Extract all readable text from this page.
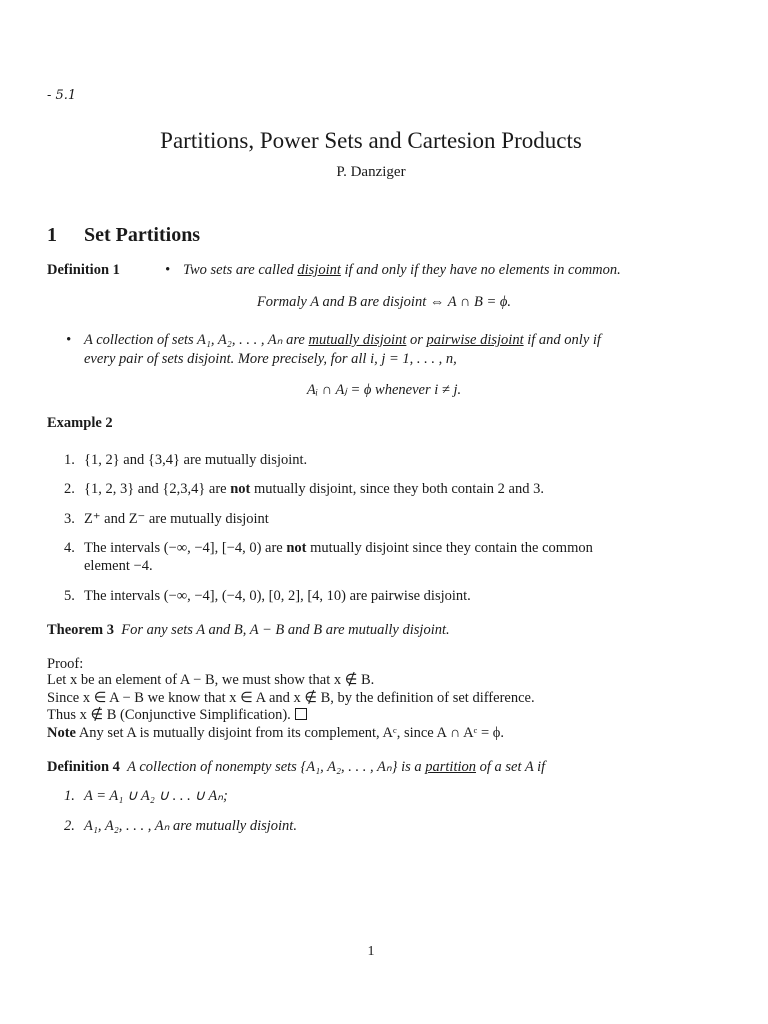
- 5.1
Partitions, Power Sets and Cartesion Products
P. Danziger
1 Set Partitions
Definition 1	• Two sets are called disjoint if and only if they have no elements in common.
Formaly A and B are disjoint ⇔ A ∩ B = ϕ.
• A collection of sets A₁, A₂, . . . , Aₙ are mutually disjoint or pairwise disjoint if and only if
every pair of sets disjoint. More precisely, for all i, j = 1, . . . , n,
Aᵢ ∩ Aⱼ = ϕ whenever i ≠ j.
Example 2
1. {1, 2} and {3,4} are mutually disjoint.
2. {1, 2, 3} and {2,3,4} are not mutually disjoint, since they both contain 2 and 3.
3. Z⁺ and Z⁻ are mutually disjoint
4. The intervals (−∞, −4], [−4, 0) are not mutually disjoint since they contain the common
element −4.
5. The intervals (−∞, −4], (−4, 0), [0, 2], [4, 10) are pairwise disjoint.
Theorem 3 For any sets A and B, A − B and B are mutually disjoint.
Proof:
Let x be an element of A − B, we must show that x ∉ B.
Since x ∈ A − B we know that x ∈ A and x ∉ B, by the definition of set difference.
Thus x ∉ B (Conjunctive Simplification).
Note Any set A is mutually disjoint from its complement, Aᶜ, since A ∩ Aᶜ = ϕ.
Definition 4 A collection of nonempty sets {A₁, A₂, . . . , Aₙ} is a partition of a set A if
1. A = A₁ ∪ A₂ ∪ . . . ∪ Aₙ;
2. A₁, A₂, . . . , Aₙ are mutually disjoint.
1
